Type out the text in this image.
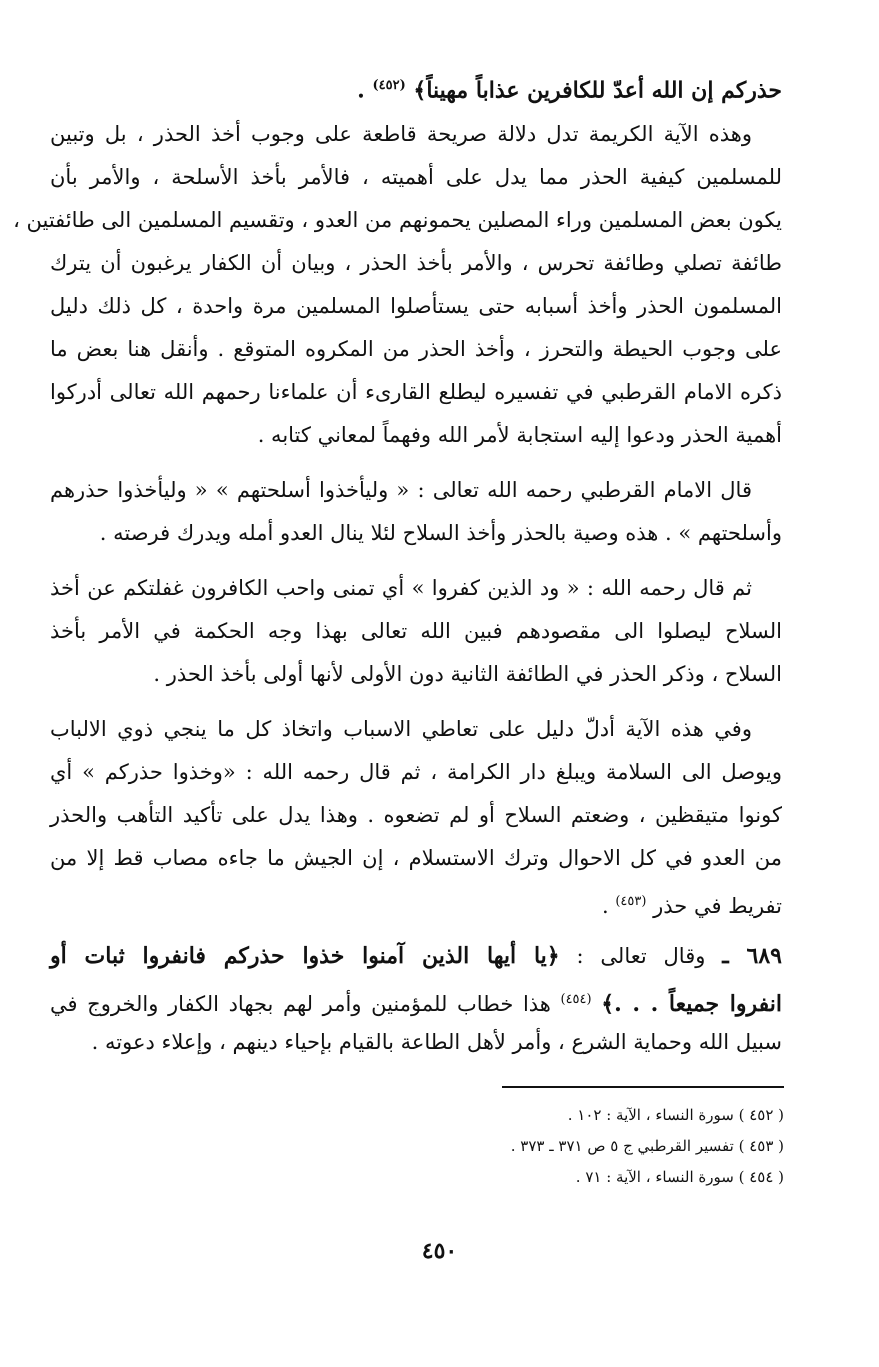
حذركم إن الله أعدّ للكافرين عذاباً مهيناً﴾ $^{(٤٥٢)}$ .
وهذه الآية الكريمة تدل دلالة صريحة قاطعة على وجوب أخذ الحذر ، بل وتبين
للمسلمين كيفية الحذر مما يدل على أهميته ، فالأمر بأخذ الأسلحة ، والأمر بأن
يكون بعض المسلمين وراء المصلين يحمونهم من العدو ، وتقسيم المسلمين الى طائفتين ،
طائفة تصلي وطائفة تحرس ، والأمر بأخذ الحذر ، وبيان أن الكفار يرغبون أن يترك
المسلمون الحذر وأخذ أسبابه حتى يستأصلوا المسلمين مرة واحدة ، كل ذلك دليل
على وجوب الحيطة والتحرز ، وأخذ الحذر من المكروه المتوقع . وأنقل هنا بعض ما
ذكره الامام القرطبي في تفسيره ليطلع القارىء أن علماءنا رحمهم الله تعالى أدركوا
أهمية الحذر ودعوا إليه استجابة لأمر الله وفهماً لمعاني كتابه .
قال الامام القرطبي رحمه الله تعالى : « وليأخذوا أسلحتهم » « وليأخذوا حذرهم
وأسلحتهم » . هذه وصية بالحذر وأخذ السلاح لئلا ينال العدو أمله ويدرك فرصته .
ثم قال رحمه الله : « ود الذين كفروا » أي تمنى واحب الكافرون غفلتكم عن أخذ
السلاح ليصلوا الى مقصودهم فبين الله تعالى بهذا وجه الحكمة في الأمر بأخذ
السلاح ، وذكر الحذر في الطائفة الثانية دون الأولى لأنها أولى بأخذ الحذر .
وفي هذه الآية أدلّ دليل على تعاطي الاسباب واتخاذ كل ما ينجي ذوي الالباب
ويوصل الى السلامة ويبلغ دار الكرامة ، ثم قال رحمه الله : «وخذوا حذركم » أي
كونوا متيقظين ، وضعتم السلاح أو لم تضعوه . وهذا يدل على تأكيد التأهب والحذر
من العدو في كل الاحوال وترك الاستسلام ، إن الجيش ما جاءه مصاب قط إلا من
تفريط في حذر $^{(٤٥٣)}$ .
٦٨٩ ـ وقال تعالى : ﴿يا أيها الذين آمنوا خذوا حذركم فانفروا ثبات أو
انفروا جميعاً . . .﴾ $^{(٤٥٤)}$ هذا خطاب للمؤمنين وأمر لهم بجهاد الكفار والخروج في
سبيل الله وحماية الشرع ، وأمر لأهل الطاعة بالقيام بإحياء دينهم ، وإعلاء دعوته .
( ٤٥٢ ) سورة النساء ، الآية : ١٠٢ .
( ٤٥٣ ) تفسير القرطبي ج ٥ ص ٣٧١ ـ ٣٧٣ .
( ٤٥٤ ) سورة النساء ، الآية : ٧١ .
٤٥٠
